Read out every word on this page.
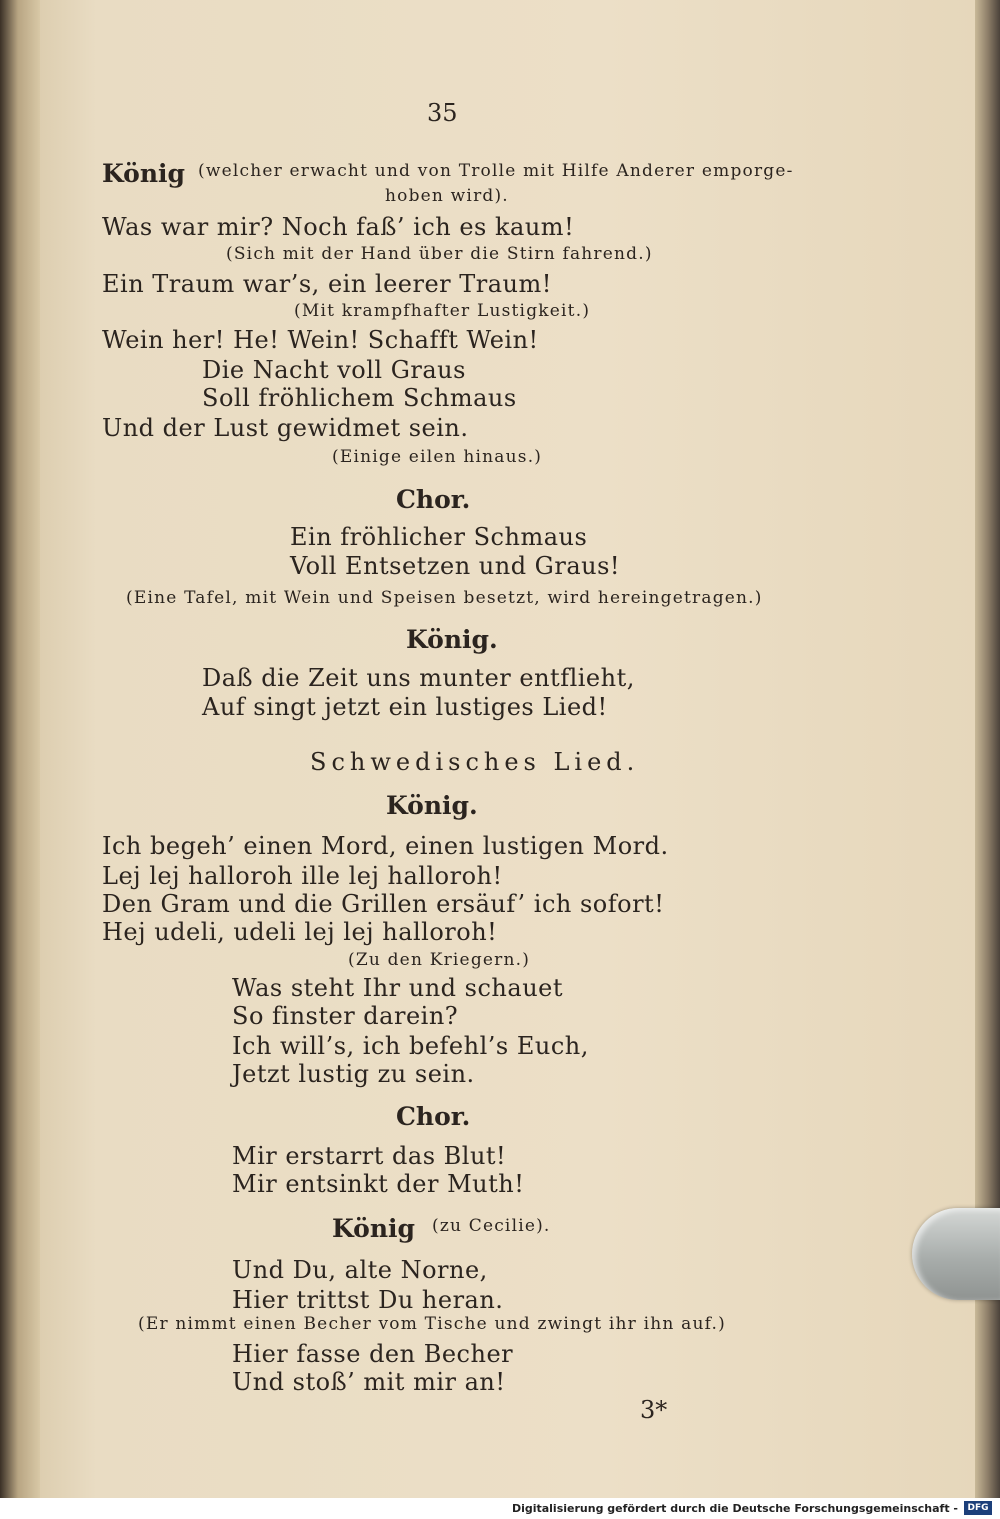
35
König (welcher erwacht und von Trolle mit Hilfe Anderer emporge-
hoben wird).
Was war mir? Noch faß’ ich es kaum!
(Sich mit der Hand über die Stirn fahrend.)
Ein Traum war’s, ein leerer Traum!
(Mit krampfhafter Lustigkeit.)
Wein her! He! Wein! Schafft Wein!
Die Nacht voll Graus
Soll fröhlichem Schmaus
Und der Lust gewidmet sein.
(Einige eilen hinaus.)
Chor.
Ein fröhlicher Schmaus
Voll Entsetzen und Graus!
(Eine Tafel, mit Wein und Speisen besetzt, wird hereingetragen.)
König.
Daß die Zeit uns munter entflieht,
Auf singt jetzt ein lustiges Lied!
Schwedisches Lied.
König.
Ich begeh’ einen Mord, einen lustigen Mord.
Lej lej halloroh ille lej halloroh!
Den Gram und die Grillen ersäuf’ ich sofort!
Hej udeli, udeli lej lej halloroh!
(Zu den Kriegern.)
Was steht Ihr und schauet
So finster darein?
Ich will’s, ich befehl’s Euch,
Jetzt lustig zu sein.
Chor.
Mir erstarrt das Blut!
Mir entsinkt der Muth!
König (zu Cecilie).
Und Du, alte Norne,
Hier trittst Du heran.
(Er nimmt einen Becher vom Tische und zwingt ihr ihn auf.)
Hier fasse den Becher
Und stoß’ mit mir an!
3*
Digitalisierung gefördert durch die Deutsche Forschungsgemeinschaft -	DFG
